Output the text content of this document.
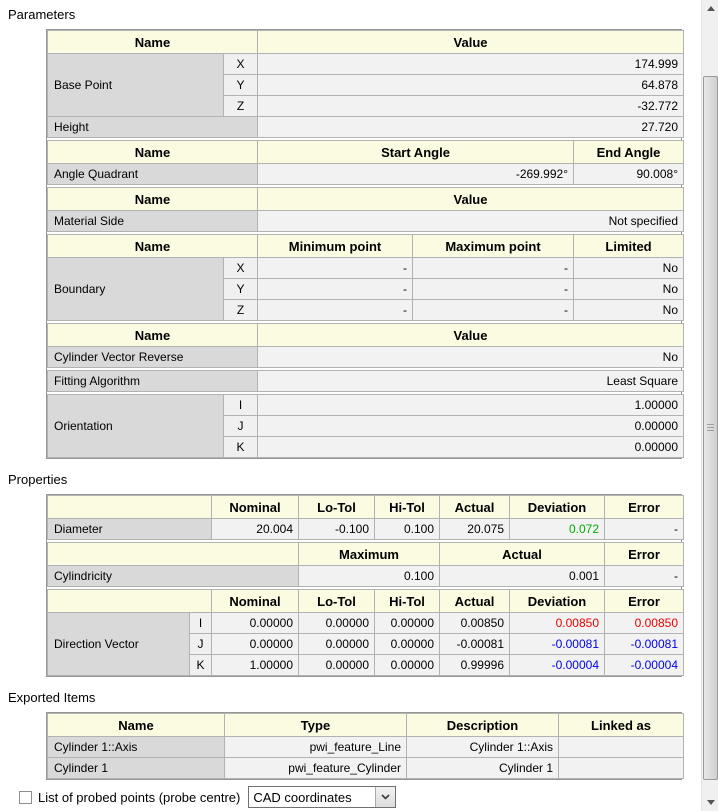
Parameters
Name		Value
Base Point	X	174.999
	Y	64.878
	Z	-32.772
Height		27.720
Name	Start Angle	End Angle
Angle Quadrant	-269.992°	90.008°
Name	Value
Material Side	Not specified
Name		Minimum point	Maximum point	Limited
Boundary	X	-	-	No
	Y	-	-	No
	Z	-	-	No
Name	Value
Cylinder Vector Reverse	No
Fitting Algorithm	Least Square
Orientation	I	1.00000
	J	0.00000
	K	0.00000
Properties
	Nominal	Lo-Tol	Hi-Tol	Actual	Deviation	Error
Diameter	20.004	-0.100	0.100	20.075	0.072	-
	Maximum	Actual	Error
Cylindricity	0.100	0.001	-
		Nominal	Lo-Tol	Hi-Tol	Actual	Deviation	Error
Direction Vector	I	0.00000	0.00000	0.00000	0.00850	0.00850	0.00850
	J	0.00000	0.00000	0.00000	-0.00081	-0.00081	-0.00081
	K	1.00000	0.00000	0.00000	0.99996	-0.00004	-0.00004
Exported Items
Name	Type	Description	Linked as
Cylinder 1::Axis	pwi_feature_Line	Cylinder 1::Axis	
Cylinder 1	pwi_feature_Cylinder	Cylinder 1	
List of probed points (probe centre)	CAD coordinates
